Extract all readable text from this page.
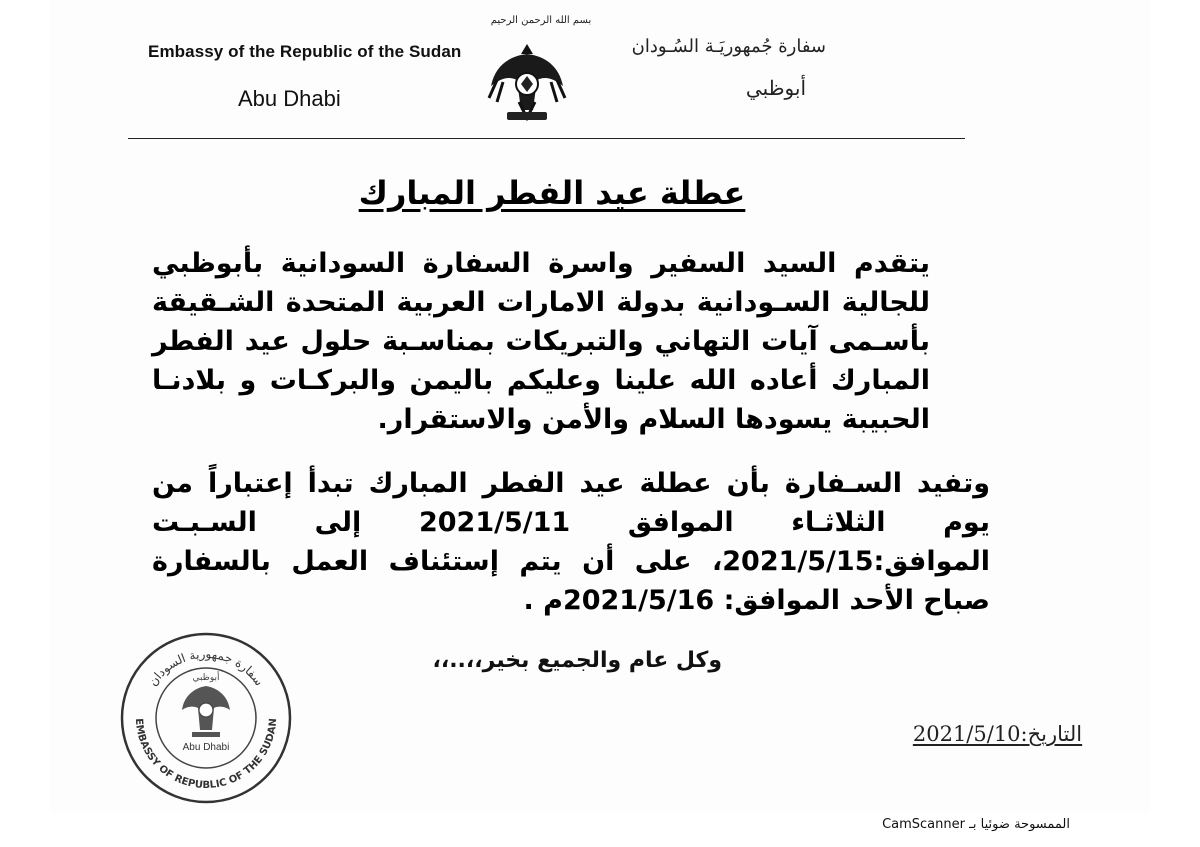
بسم الله الرحمن الرحيم
Embassy of the Republic of the Sudan
Abu Dhabi
سفارة جُمهوريَـة السُـودان
أبوظبي
عطلة عيد الفطر المبارك
يتقدم السيد السفير واسرة السفارة السودانية بأبوظبي للجالية السـودانية بدولة الامارات العربية المتحدة الشـقيقة بأسـمى آيات التهاني والتبريكات بمناسـبة حلول عيد الفطر المبارك أعاده الله علينا وعليكم باليمن والبركـات و بلادنـا الحبيبة يسودها السلام والأمن والاستقرار.
وتفيد السـفارة بأن عطلة عيد الفطر المبارك تبدأ إعتباراً من يوم الثلاثـاء الموافق 2021/5/11 إلى السـبـت الموافق:2021/5/15، على أن يتم إستئناف العمل بالسفارة صباح الأحد الموافق: 2021/5/16م .
وكل عام والجميع بخير،،..،،
سفارة جمهورية السودان
EMBASSY OF REPUBLIC OF THE SUDAN
أبوظبي
Abu Dhabi
التاريخ:2021/5/10
الممسوحة ضوئيا بـ CamScanner
